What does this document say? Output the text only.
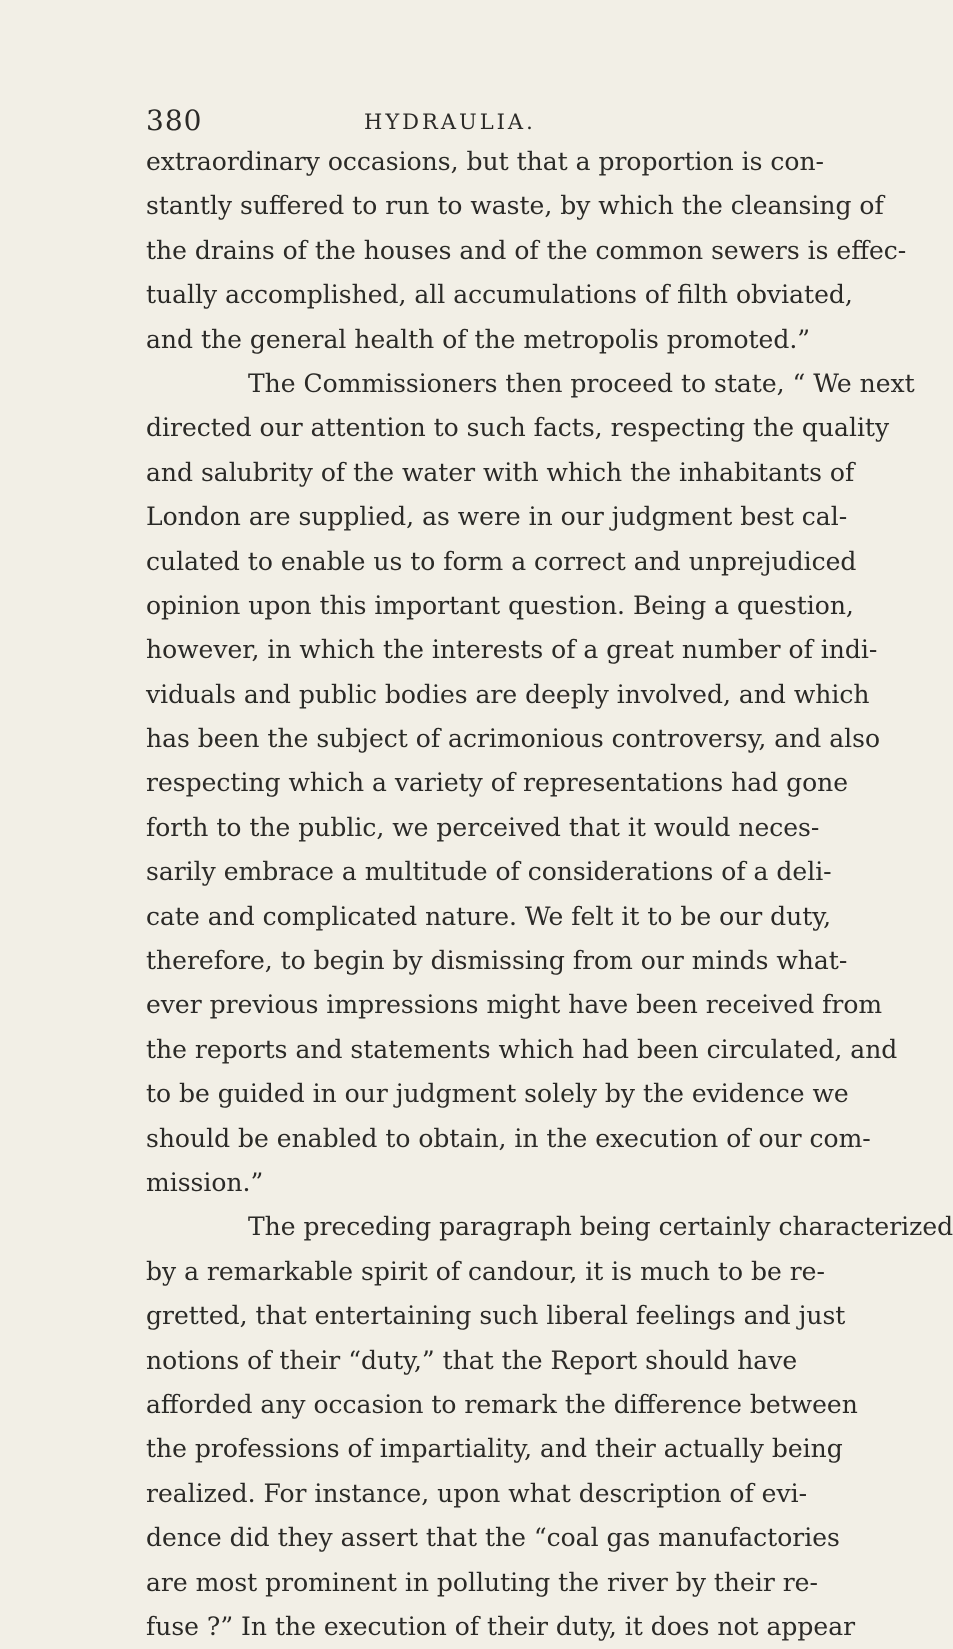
380	HYDRAULIA.
extraordinary occasions, but that a proportion is con-
stantly suffered to run to waste, by which the cleansing of
the drains of the houses and of the common sewers is effec-
tually accomplished, all accumulations of filth obviated,
and the general health of the metropolis promoted.”
The Commissioners then proceed to state, “ We next
directed our attention to such facts, respecting the quality
and salubrity of the water with which the inhabitants of
London are supplied, as were in our judgment best cal-
culated to enable us to form a correct and unprejudiced
opinion upon this important question. Being a question,
however, in which the interests of a great number of indi-
viduals and public bodies are deeply involved, and which
has been the subject of acrimonious controversy, and also
respecting which a variety of representations had gone
forth to the public, we perceived that it would neces-
sarily embrace a multitude of considerations of a deli-
cate and complicated nature. We felt it to be our duty,
therefore, to begin by dismissing from our minds what-
ever previous impressions might have been received from
the reports and statements which had been circulated, and
to be guided in our judgment solely by the evidence we
should be enabled to obtain, in the execution of our com-
mission.”
The preceding paragraph being certainly characterized
by a remarkable spirit of candour, it is much to be re-
gretted, that entertaining such liberal feelings and just
notions of their “duty,” that the Report should have
afforded any occasion to remark the difference between
the professions of impartiality, and their actually being
realized. For instance, upon what description of evi-
dence did they assert that the “coal gas manufactories
are most prominent in polluting the river by their re-
fuse ?” In the execution of their duty, it does not appear
